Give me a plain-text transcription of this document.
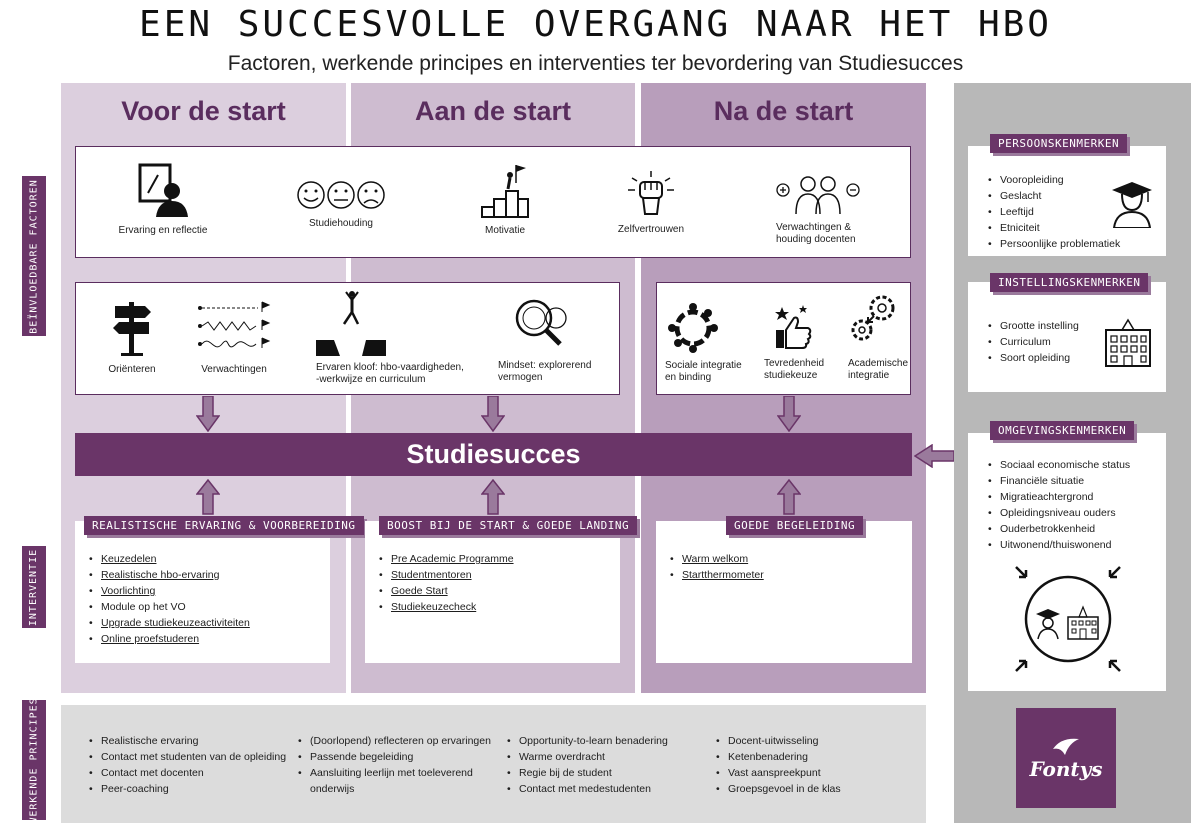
EEN SUCCESVOLLE OVERGANG NAAR HET HBO
Factoren, werkende principes en interventies ter bevordering van Studiesucces
Voor de start	Aan de start	Na de start
BEÏNVLOEDBARE FACTOREN
INTERVENTIE
WERKENDE PRINCIPES
Ervaring en reflectie
Studiehouding
Motivatie	Zelfvertrouwen	Verwachtingen &
houding docenten
Oriënteren	Verwachtingen	Ervaren kloof: hbo-vaardigheden,
-werkwijze en curriculum
Mindset: explorerend
vermogen
Sociale integratie
en binding
Tevredenheid
studiekeuze
Academische
integratie
Studiesucces
• Keuzedelen
• Realistische hbo-ervaring
• Voorlichting
• Module op het VO
• Upgrade studiekeuzeactiviteiten
• Online proefstuderen
REALISTISCHE ERVARING & VOORBEREIDING
• Pre Academic Programme
• Studentmentoren
• Goede Start
• Studiekeuzecheck
BOOST BIJ DE START & GOEDE LANDING
• Warm welkom
• Startthermometer
GOEDE BEGELEIDING
• Vooropleiding
• Geslacht
• Leeftijd
• Etniciteit
• Persoonlijke problematiek
PERSOONSKENMERKEN
• Grootte instelling
• Curriculum
• Soort opleiding
INSTELLINGSKENMERKEN
• Sociaal economische status
• Financiële situatie
• Migratieachtergrond
• Opleidingsniveau ouders
• Ouderbetrokkenheid
• Uitwonend/thuiswonend
OMGEVINGSKENMERKEN
Fontys
• Realistische ervaring
• Contact met studenten van de opleiding
• Contact met docenten
• Peer-coaching
• (Doorlopend) reflecteren op ervaringen
• Passende begeleiding
• Aansluiting leerlijn met toeleverend
onderwijs
• Opportunity-to-learn benadering
• Warme overdracht
• Regie bij de student
• Contact met medestudenten
• Docent-uitwisseling
• Ketenbenadering
• Vast aanspreekpunt
• Groepsgevoel in de klas
